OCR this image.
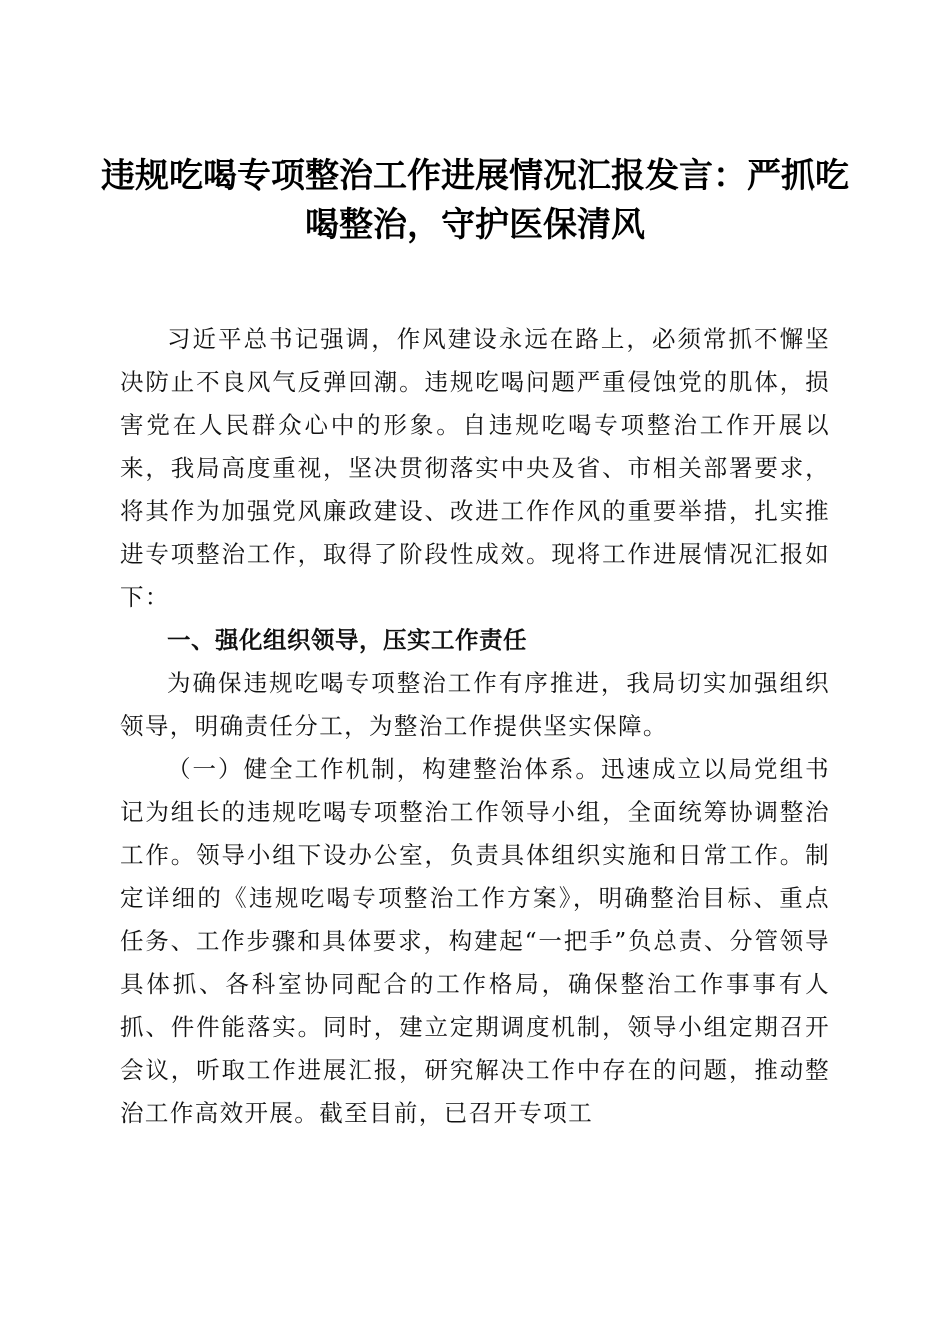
违规吃喝专项整治工作进展情况汇报发言：严抓吃喝整治，守护医保清风

习近平总书记强调，作风建设永远在路上，必须常抓不懈坚决防止不良风气反弹回潮。违规吃喝问题严重侵蚀党的肌体，损害党在人民群众心中的形象。自违规吃喝专项整治工作开展以来，我局高度重视，坚决贯彻落实中央及省、市相关部署要求，将其作为加强党风廉政建设、改进工作作风的重要举措，扎实推进专项整治工作，取得了阶段性成效。现将工作进展情况汇报如下：

一、强化组织领导，压实工作责任

为确保违规吃喝专项整治工作有序推进，我局切实加强组织领导，明确责任分工，为整治工作提供坚实保障。

（一）健全工作机制，构建整治体系。迅速成立以局党组书记为组长的违规吃喝专项整治工作领导小组，全面统筹协调整治工作。领导小组下设办公室，负责具体组织实施和日常工作。制定详细的《违规吃喝专项整治工作方案》，明确整治目标、重点任务、工作步骤和具体要求，构建起“一把手”负总责、分管领导具体抓、各科室协同配合的工作格局，确保整治工作事事有人抓、件件能落实。同时，建立定期调度机制，领导小组定期召开会议，听取工作进展汇报，研究解决工作中存在的问题，推动整治工作高效开展。截至目前，已召开专项工
